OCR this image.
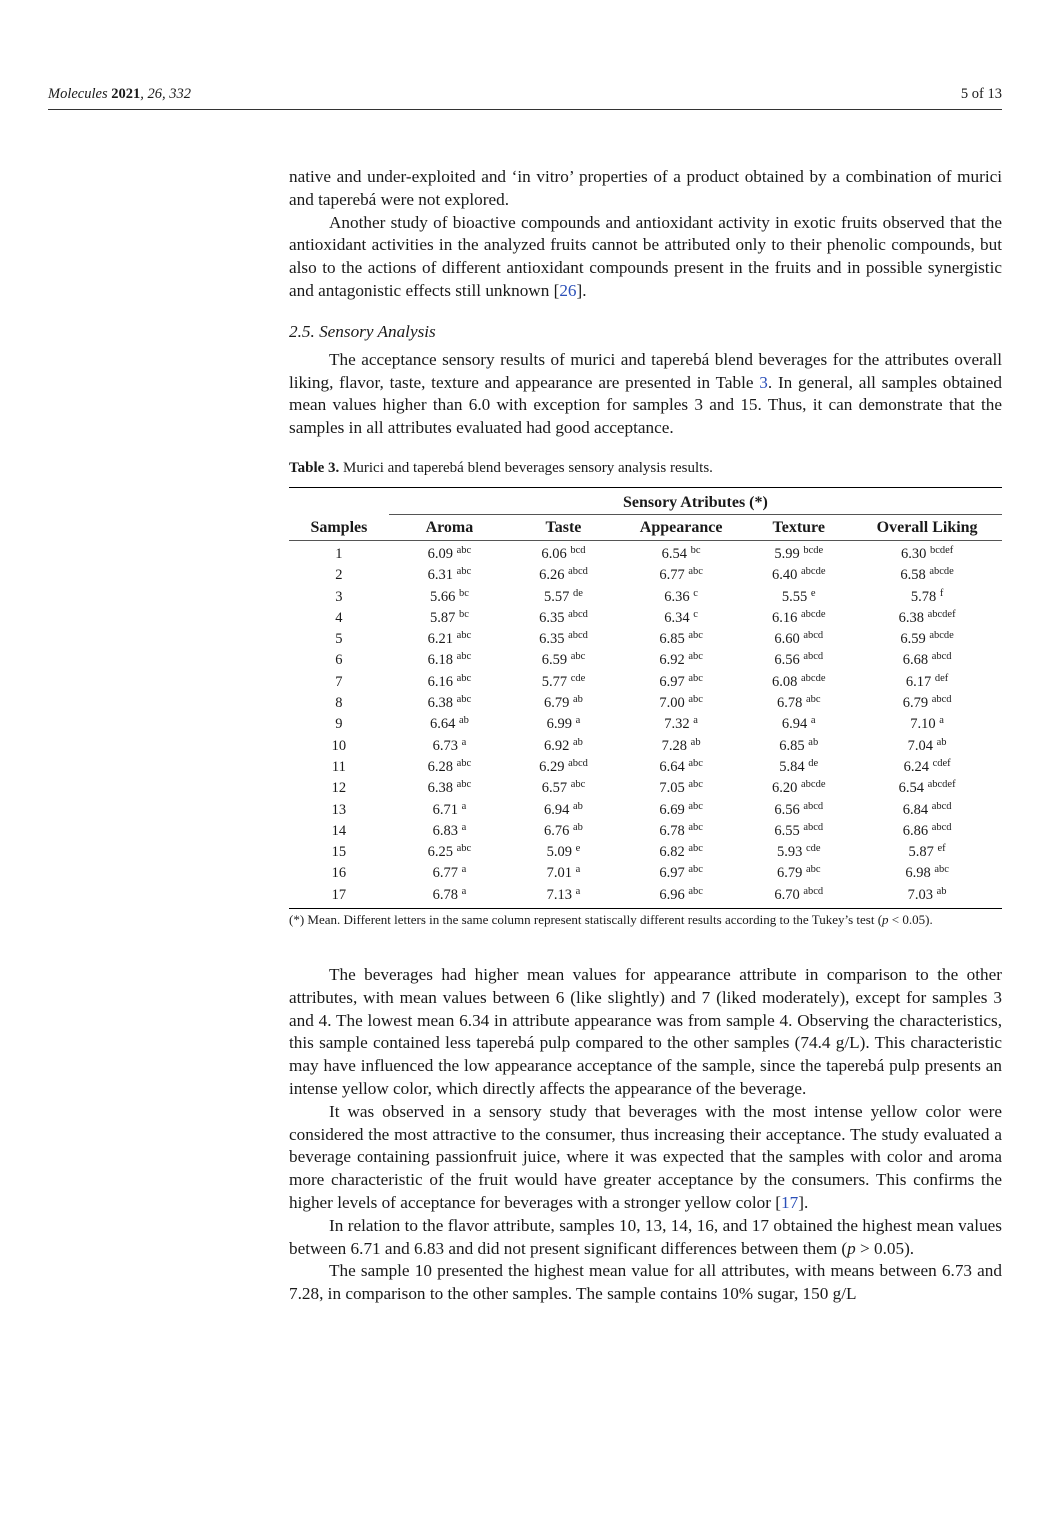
Molecules 2021, 26, 332	5 of 13

native and under-exploited and ‘in vitro’ properties of a product obtained by a combination of murici and taperebá were not explored.

Another study of bioactive compounds and antioxidant activity in exotic fruits observed that the antioxidant activities in the analyzed fruits cannot be attributed only to their phenolic compounds, but also to the actions of different antioxidant compounds present in the fruits and in possible synergistic and antagonistic effects still unknown [26].

2.5. Sensory Analysis

The acceptance sensory results of murici and taperebá blend beverages for the attributes overall liking, flavor, taste, texture and appearance are presented in Table 3. In general, all samples obtained mean values higher than 6.0 with exception for samples 3 and 15. Thus, it can demonstrate that the samples in all attributes evaluated had good acceptance.

Table 3. Murici and taperebá blend beverages sensory analysis results.

	Sensory Atributes (*)				
Samples	Aroma	Taste	Appearance	Texture	Overall Liking
1	6.09 $^{abc}$	6.06 $^{bcd}$	6.54 $^{bc}$	5.99 $^{bcde}$	6.30 $^{bcdef}$
2	6.31 $^{abc}$	6.26 $^{abcd}$	6.77 $^{abc}$	6.40 $^{abcde}$	6.58 $^{abcde}$
3	5.66 $^{bc}$	5.57 $^{de}$	6.36 $^c$	5.55 $^e$	5.78 $^f$
4	5.87 $^{bc}$	6.35 $^{abcd}$	6.34 $^c$	6.16 $^{abcde}$	6.38 $^{abcdef}$
5	6.21 $^{abc}$	6.35 $^{abcd}$	6.85 $^{abc}$	6.60 $^{abcd}$	6.59 $^{abcde}$
6	6.18 $^{abc}$	6.59 $^{abc}$	6.92 $^{abc}$	6.56 $^{abcd}$	6.68 $^{abcd}$
7	6.16 $^{abc}$	5.77 $^{cde}$	6.97 $^{abc}$	6.08 $^{abcde}$	6.17 $^{def}$
8	6.38 $^{abc}$	6.79 $^{ab}$	7.00 $^{abc}$	6.78 $^{abc}$	6.79 $^{abcd}$
9	6.64 $^{ab}$	6.99 $^a$	7.32 $^a$	6.94 $^a$	7.10 $^a$
10	6.73 $^a$	6.92 $^{ab}$	7.28 $^{ab}$	6.85 $^{ab}$	7.04 $^{ab}$
11	6.28 $^{abc}$	6.29 $^{abcd}$	6.64 $^{abc}$	5.84 $^{de}$	6.24 $^{cdef}$
12	6.38 $^{abc}$	6.57 $^{abc}$	7.05 $^{abc}$	6.20 $^{abcde}$	6.54 $^{abcdef}$
13	6.71 $^a$	6.94 $^{ab}$	6.69 $^{abc}$	6.56 $^{abcd}$	6.84 $^{abcd}$
14	6.83 $^a$	6.76 $^{ab}$	6.78 $^{abc}$	6.55 $^{abcd}$	6.86 $^{abcd}$
15	6.25 $^{abc}$	5.09 $^e$	6.82 $^{abc}$	5.93 $^{cde}$	5.87 $^{ef}$
16	6.77 $^a$	7.01 $^a$	6.97 $^{abc}$	6.79 $^{abc}$	6.98 $^{abc}$
17	6.78 $^a$	7.13 $^a$	6.96 $^{abc}$	6.70 $^{abcd}$	7.03 $^{ab}$
(*) Mean. Different letters in the same column represent statiscally different results according to the Tukey’s test (p < 0.05).

The beverages had higher mean values for appearance attribute in comparison to the other attributes, with mean values between 6 (like slightly) and 7 (liked moderately), except for samples 3 and 4. The lowest mean 6.34 in attribute appearance was from sample 4. Observing the characteristics, this sample contained less taperebá pulp compared to the other samples (74.4 g/L). This characteristic may have influenced the low appearance acceptance of the sample, since the taperebá pulp presents an intense yellow color, which directly affects the appearance of the beverage.

It was observed in a sensory study that beverages with the most intense yellow color were considered the most attractive to the consumer, thus increasing their acceptance. The study evaluated a beverage containing passionfruit juice, where it was expected that the samples with color and aroma more characteristic of the fruit would have greater acceptance by the consumers. This confirms the higher levels of acceptance for beverages with a stronger yellow color [17].

In relation to the flavor attribute, samples 10, 13, 14, 16, and 17 obtained the highest mean values between 6.71 and 6.83 and did not present significant differences between them (p > 0.05).

The sample 10 presented the highest mean value for all attributes, with means between 6.73 and 7.28, in comparison to the other samples. The sample contains 10% sugar, 150 g/L
